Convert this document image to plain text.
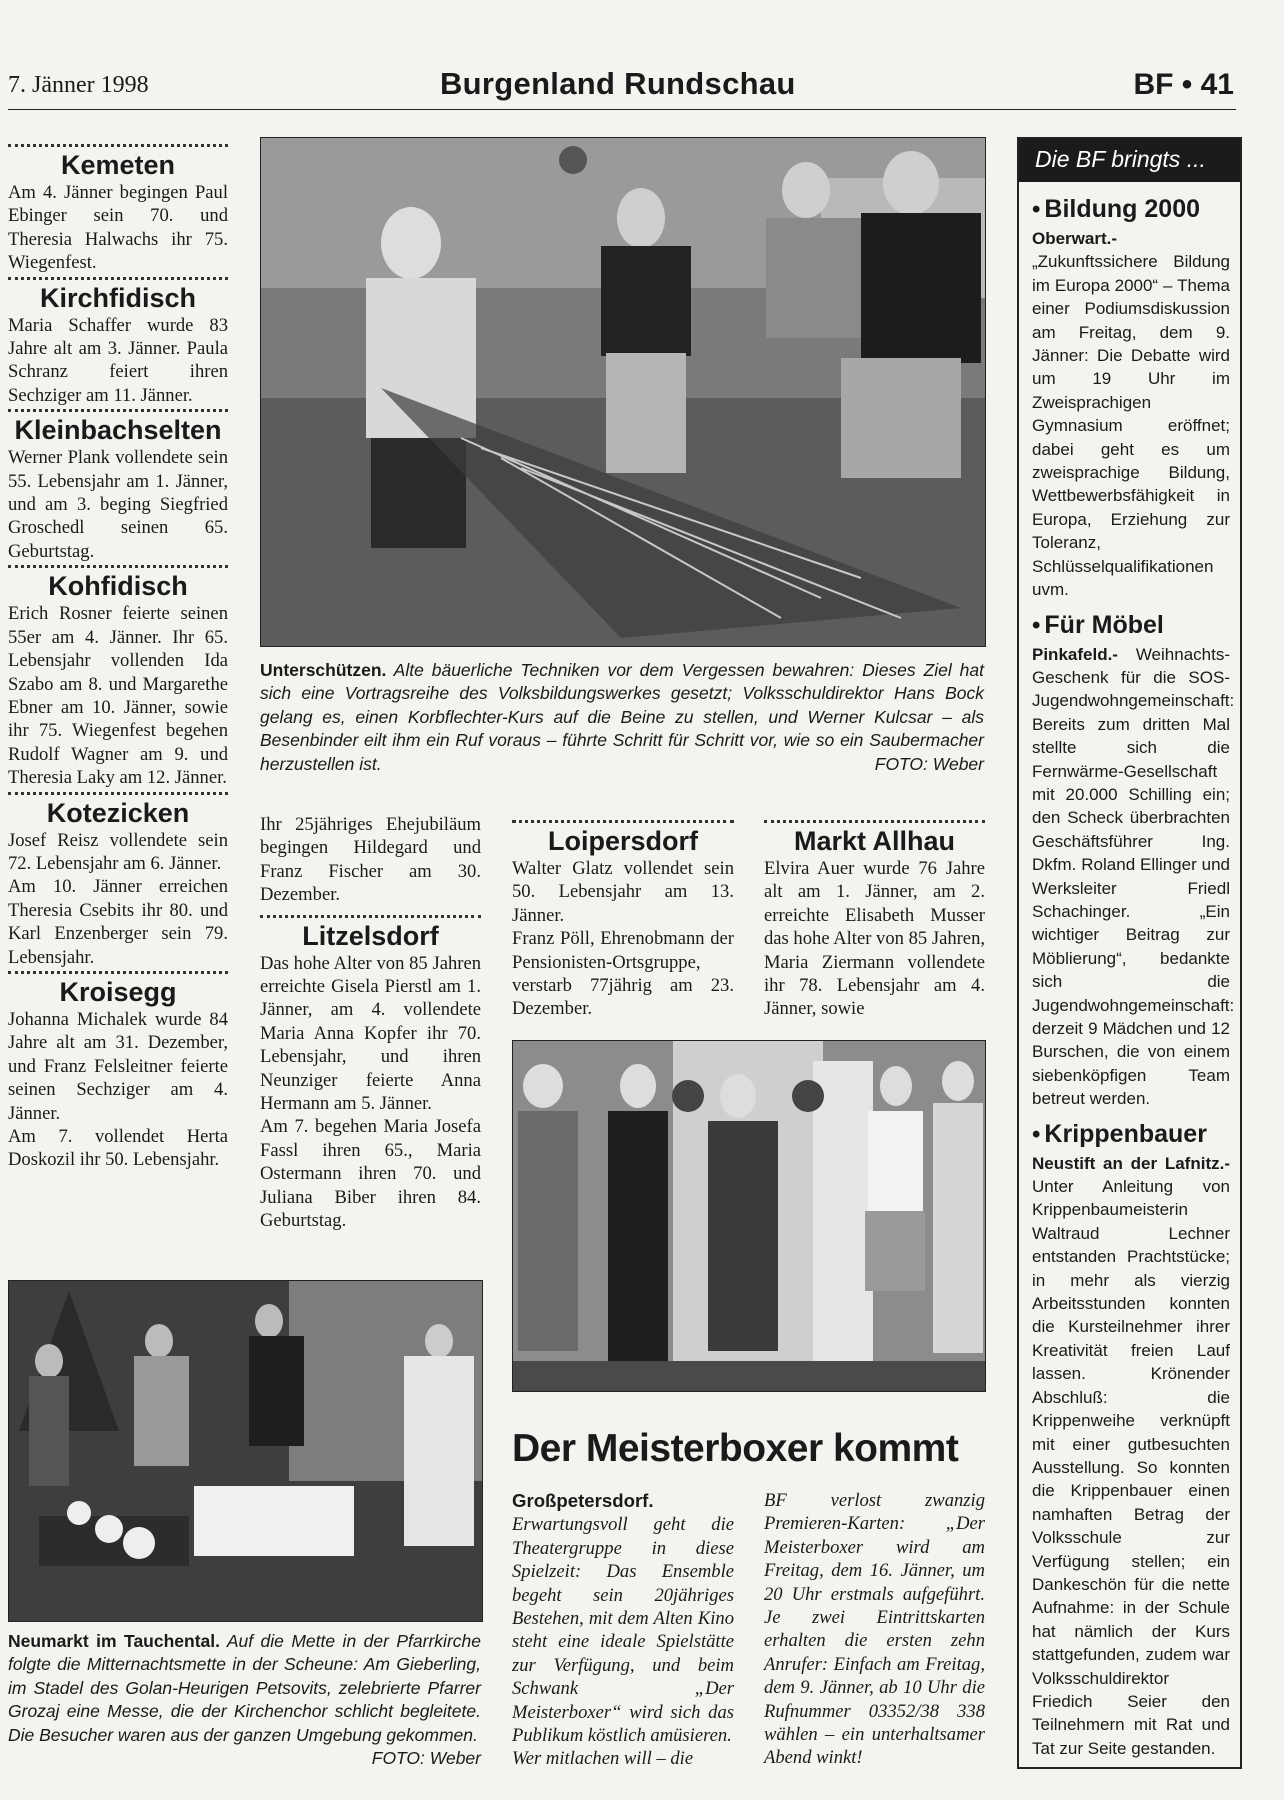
7. Jänner 1998	Burgenland Rundschau	BF • 41
Kemeten

Am 4. Jänner begingen Paul Ebinger sein 70. und Theresia Halwachs ihr 75. Wiegenfest.

Kirchfidisch

Maria Schaffer wurde 83 Jahre alt am 3. Jänner. Paula Schranz feiert ihren Sechziger am 11. Jänner.

Kleinbachselten

Werner Plank vollendete sein 55. Lebensjahr am 1. Jänner, und am 3. beging Siegfried Groschedl seinen 65. Geburtstag.

Kohfidisch

Erich Rosner feierte seinen 55er am 4. Jänner. Ihr 65. Lebensjahr vollenden Ida Szabo am 8. und Margarethe Ebner am 10. Jänner, sowie ihr 75. Wiegenfest begehen Rudolf Wagner am 9. und Theresia Laky am 12. Jänner.

Kotezicken

Josef Reisz vollendete sein 72. Lebensjahr am 6. Jänner.

Am 10. Jänner erreichen Theresia Csebits ihr 80. und Karl Enzenberger sein 79. Lebensjahr.

Kroisegg

Johanna Michalek wurde 84 Jahre alt am 31. Dezember, und Franz Felsleitner feierte seinen Sechziger am 4. Jänner.

Am 7. vollendet Herta Doskozil ihr 50. Lebensjahr.

Unterschützen. Alte bäuerliche Techniken vor dem Vergessen bewahren: Dieses Ziel hat sich eine Vortragsreihe des Volksbildungswerkes gesetzt; Volksschuldirektor Hans Bock gelang es, einen Korbflechter-Kurs auf die Beine zu stellen, und Werner Kulcsar – als Besenbinder eilt ihm ein Ruf voraus – führte Schritt für Schritt vor, wie so ein Saubermacher herzustellen ist.	FOTO: Weber

Ihr 25jähriges Ehejubiläum begingen Hildegard und Franz Fischer am 30. Dezember.

Litzelsdorf

Das hohe Alter von 85 Jahren erreichte Gisela Pierstl am 1. Jänner, am 4. vollendete Maria Anna Kopfer ihr 70. Lebensjahr, und ihren Neunziger feierte Anna Hermann am 5. Jänner.

Am 7. begehen Maria Josefa Fassl ihren 65., Maria Ostermann ihren 70. und Juliana Biber ihren 84. Geburtstag.

Loipersdorf

Walter Glatz vollendet sein 50. Lebensjahr am 13. Jänner.

Franz Pöll, Ehrenobmann der Pensionisten-Ortsgruppe, verstarb 77jährig am 23. Dezember.

Markt Allhau

Elvira Auer wurde 76 Jahre alt am 1. Jänner, am 2. erreichte Elisabeth Musser das hohe Alter von 85 Jahren, Maria Ziermann vollendete ihr 78. Lebensjahr am 4. Jänner, sowie

Der Meisterboxer kommt

Großpetersdorf. Erwartungsvoll geht die Theatergruppe in diese Spielzeit: Das Ensemble begeht sein 20jähriges Bestehen, mit dem Alten Kino steht eine ideale Spielstätte zur Verfügung, und beim Schwank „Der Meisterboxer“ wird sich das Publikum köstlich amüsieren.

Wer mitlachen will – die

BF verlost zwanzig Premieren-Karten: „Der Meisterboxer wird am Freitag, dem 16. Jänner, um 20 Uhr erstmals aufgeführt. Je zwei Eintrittskarten erhalten die ersten zehn Anrufer: Einfach am Freitag, dem 9. Jänner, ab 10 Uhr die Rufnummer 03352/38 338 wählen – ein unterhaltsamer Abend winkt!

Neumarkt im Tauchental. Auf die Mette in der Pfarrkirche folgte die Mitternachtsmette in der Scheune: Am Gieberling, im Stadel des Golan-Heurigen Petsovits, zelebrierte Pfarrer Grozaj eine Messe, die der Kirchenchor schlicht begleitete. Die Besucher waren aus der ganzen Umgebung gekommen.
FOTO: Weber
Die BF bringts ...
• Bildung 2000

Oberwart.- „Zukunftssichere Bildung im Europa 2000“ – Thema einer Podiumsdiskussion am Freitag, dem 9. Jänner: Die Debatte wird um 19 Uhr im Zweisprachigen Gymnasium eröffnet; dabei geht es um zweisprachige Bildung, Wettbewerbsfähigkeit in Europa, Erziehung zur Toleranz, Schlüsselqualifikationen uvm.

• Für Möbel

Pinkafeld.- Weihnachts-Geschenk für die SOS-Jugendwohngemeinschaft: Bereits zum dritten Mal stellte sich die Fernwärme-Gesellschaft mit 20.000 Schilling ein; den Scheck überbrachten Geschäftsführer Ing. Dkfm. Roland Ellinger und Werksleiter Friedl Schachinger. „Ein wichtiger Beitrag zur Möblierung“, bedankte sich die Jugendwohngemeinschaft: derzeit 9 Mädchen und 12 Burschen, die von einem siebenköpfigen Team betreut werden.

• Krippenbauer

Neustift an der Lafnitz.- Unter Anleitung von Krippenbaumeisterin Waltraud Lechner entstanden Prachtstücke; in mehr als vierzig Arbeitsstunden konnten die Kursteilnehmer ihrer Kreativität freien Lauf lassen. Krönender Abschluß: die Krippenweihe verknüpft mit einer gutbesuchten Ausstellung. So konnten die Krippenbauer einen namhaften Betrag der Volksschule zur Verfügung stellen; ein Dankeschön für die nette Aufnahme: in der Schule hat nämlich der Kurs stattgefunden, zudem war Volksschuldirektor Friedich Seier den Teilnehmern mit Rat und Tat zur Seite gestanden.
